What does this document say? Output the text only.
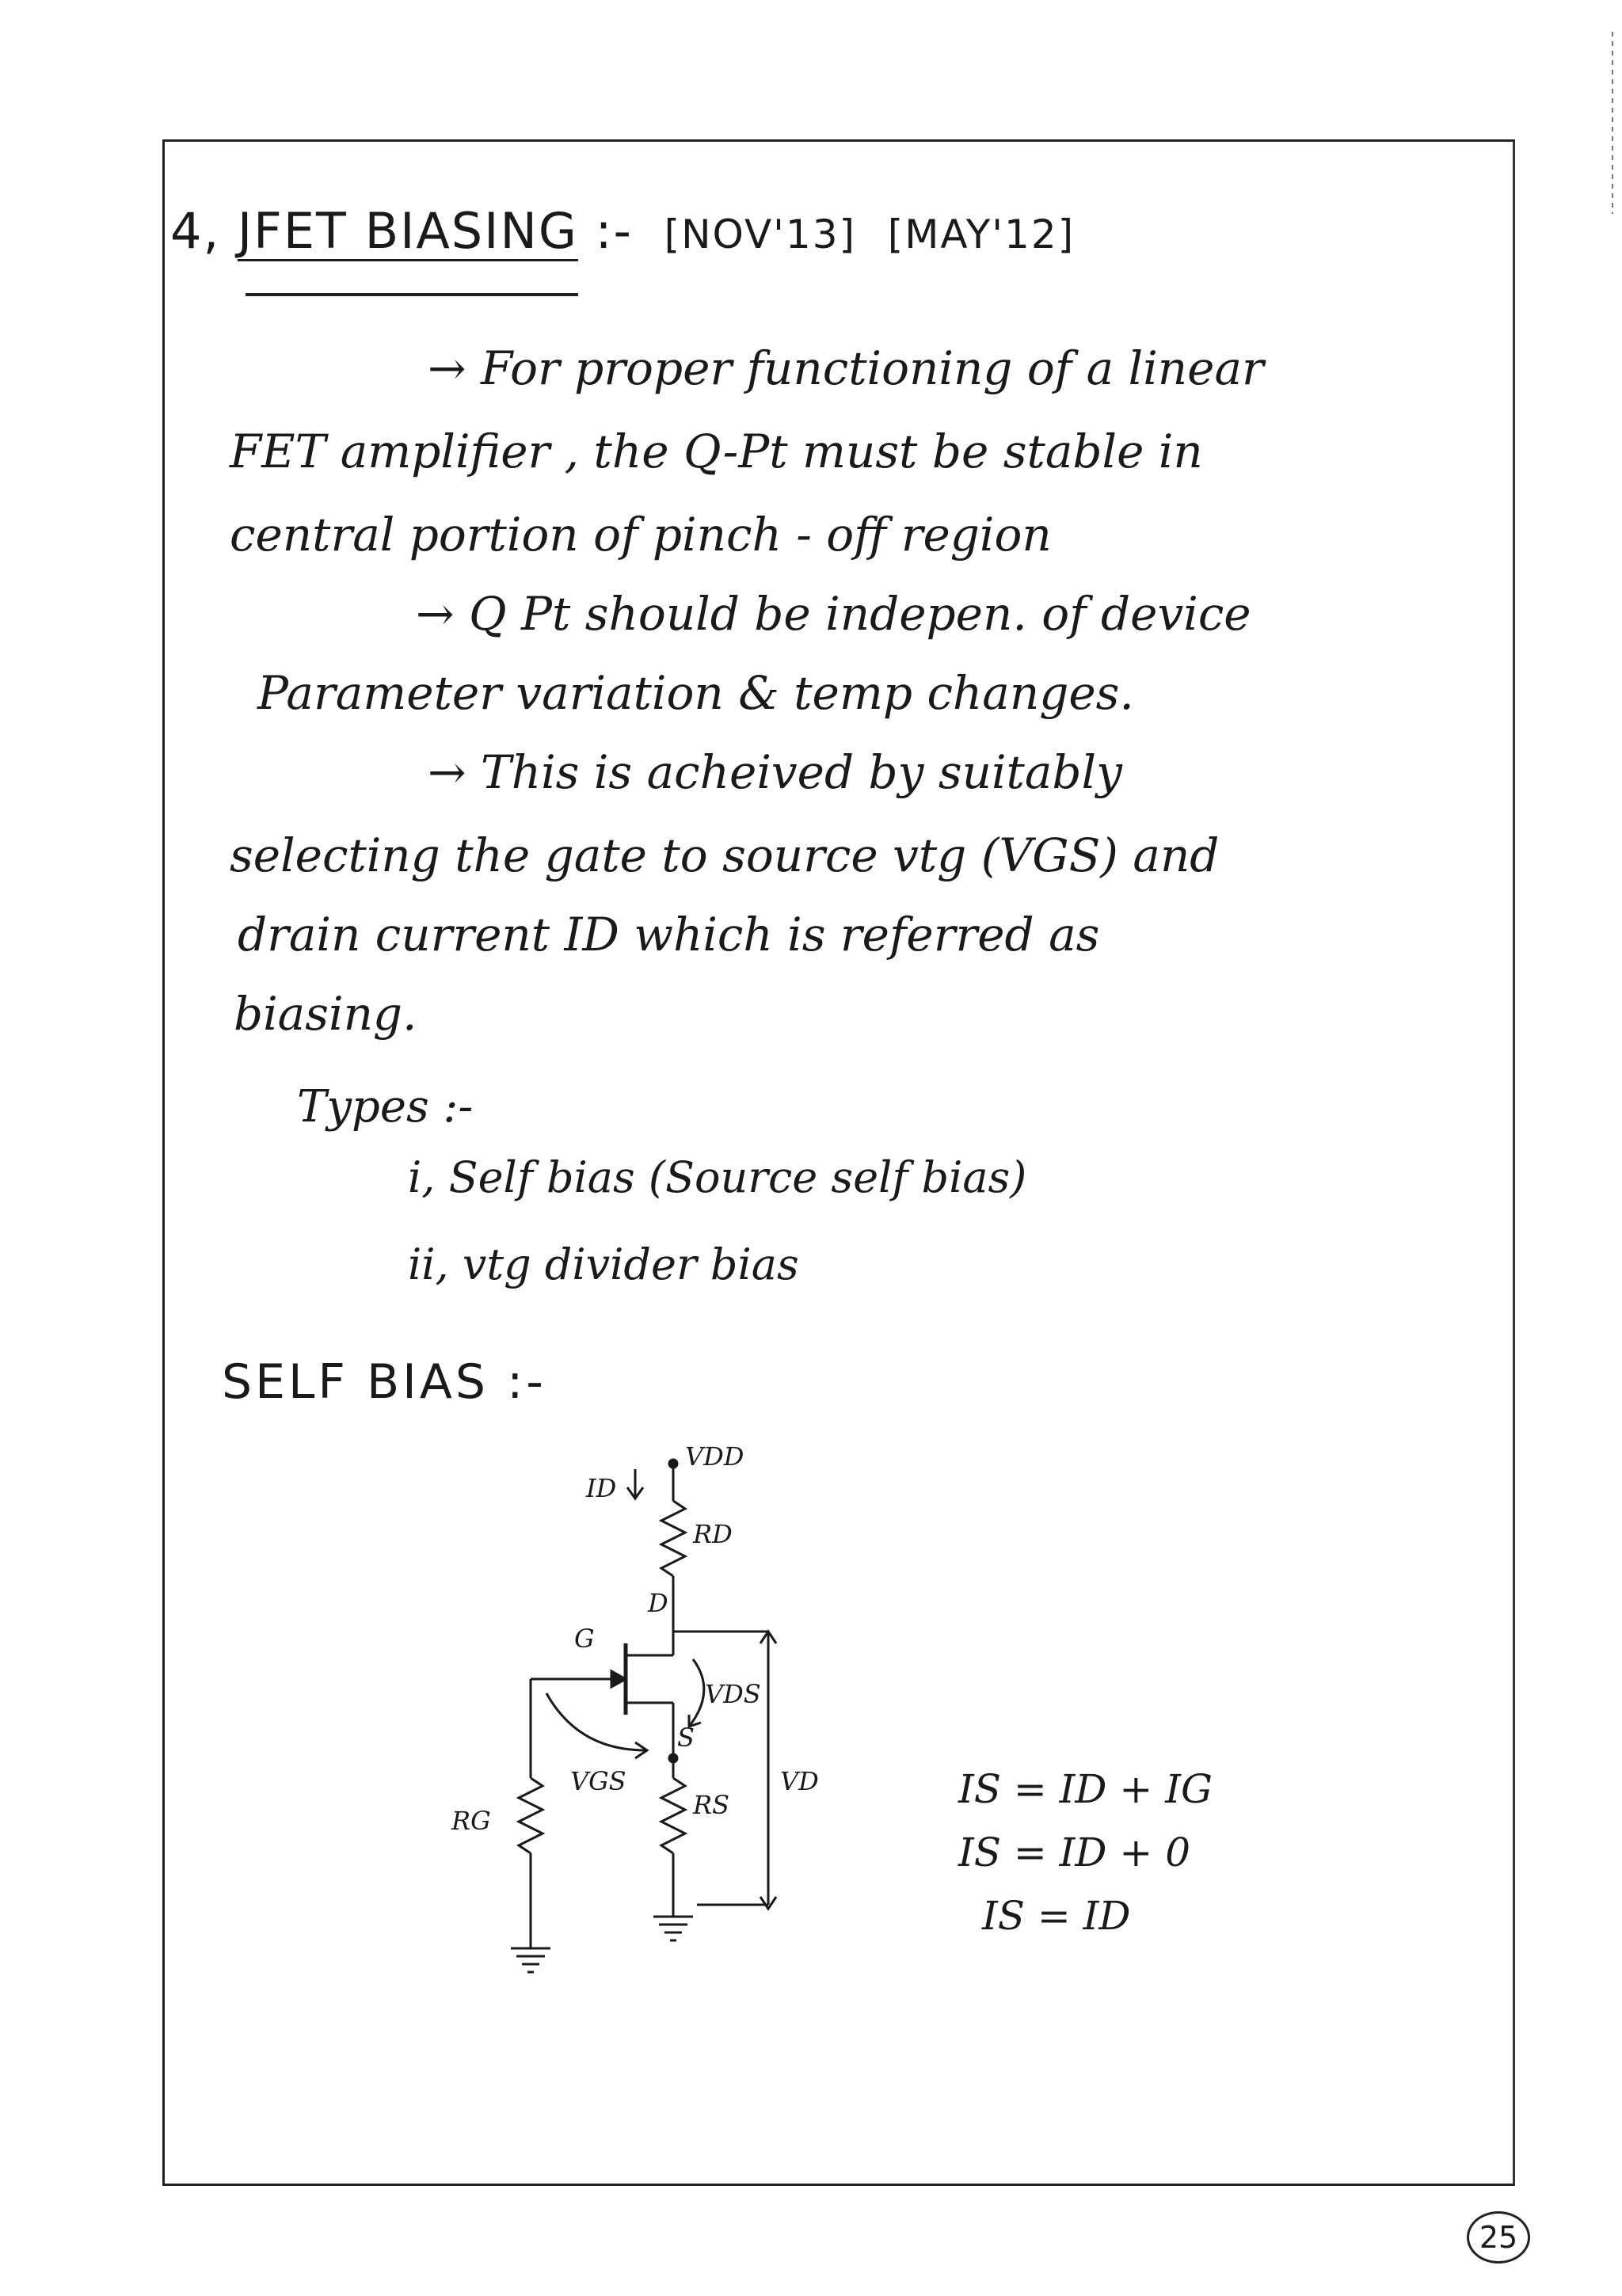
4, JFET BIASING :- [NOV'13] [MAY'12]
→ For proper functioning of a linear
FET amplifier , the Q-Pt must be stable in
central portion of pinch - off region
→ Q Pt should be indepen. of device
Parameter variation & temp changes.
→ This is acheived by suitably
selecting the gate to source vtg (VGS) and
drain current ID which is referred as
biasing.
Types :-
i, Self bias (Source self bias)
ii, vtg divider bias
SELF BIAS :-
VDD
ID
RD
D
G
VDS
S
VGS
RS
VD
RG
IS = ID + IG
IS = ID + 0
IS = ID
25
